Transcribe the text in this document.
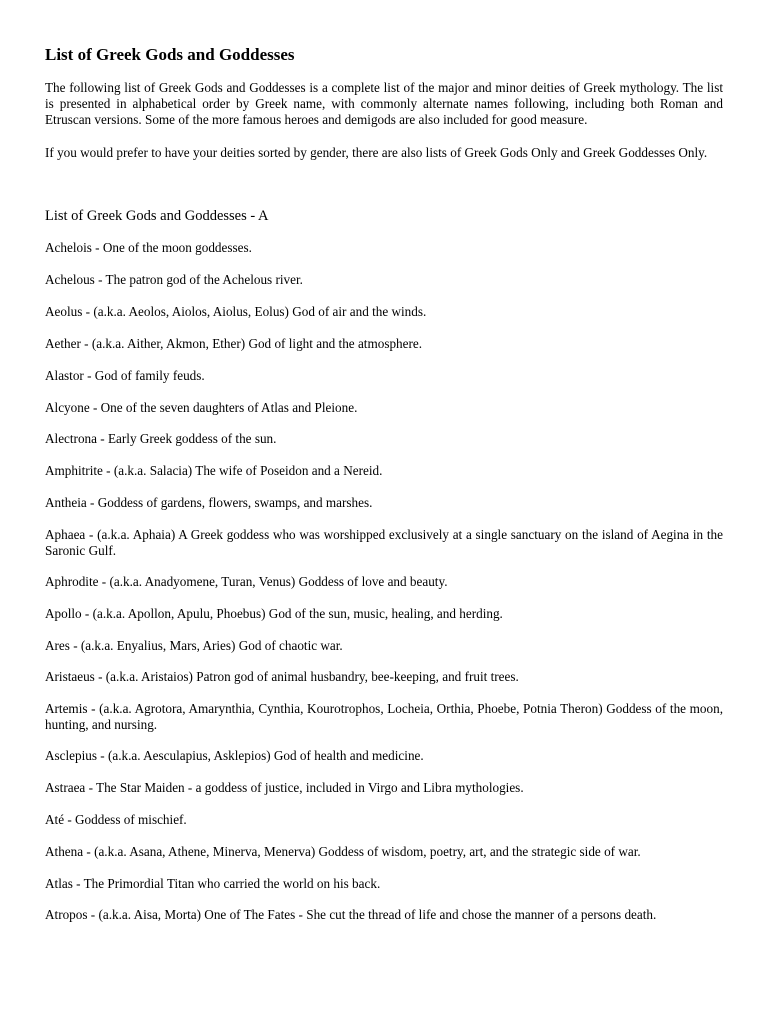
List of Greek Gods and Goddesses

The following list of Greek Gods and Goddesses is a complete list of the major and minor deities of Greek mythology. The list is presented in alphabetical order by Greek name, with commonly alternate names following, including both Roman and Etruscan versions. Some of the more famous heroes and demigods are also included for good measure.

If you would prefer to have your deities sorted by gender, there are also lists of Greek Gods Only and Greek Goddesses Only.

List of Greek Gods and Goddesses - A
Achelois - One of the moon goddesses.
Achelous - The patron god of the Achelous river.
Aeolus - (a.k.a. Aeolos, Aiolos, Aiolus, Eolus) God of air and the winds.
Aether - (a.k.a. Aither, Akmon, Ether) God of light and the atmosphere.
Alastor - God of family feuds.
Alcyone - One of the seven daughters of Atlas and Pleione.
Alectrona - Early Greek goddess of the sun.
Amphitrite - (a.k.a. Salacia) The wife of Poseidon and a Nereid.
Antheia - Goddess of gardens, flowers, swamps, and marshes.
Aphaea - (a.k.a. Aphaia) A Greek goddess who was worshipped exclusively at a single sanctuary on the island of Aegina in the Saronic Gulf.
Aphrodite - (a.k.a. Anadyomene, Turan, Venus) Goddess of love and beauty.
Apollo - (a.k.a. Apollon, Apulu, Phoebus) God of the sun, music, healing, and herding.
Ares - (a.k.a. Enyalius, Mars, Aries) God of chaotic war.
Aristaeus - (a.k.a. Aristaios) Patron god of animal husbandry, bee-keeping, and fruit trees.
Artemis - (a.k.a. Agrotora, Amarynthia, Cynthia, Kourotrophos, Locheia, Orthia, Phoebe, Potnia Theron) Goddess of the moon, hunting, and nursing.
Asclepius - (a.k.a. Aesculapius, Asklepios) God of health and medicine.
Astraea - The Star Maiden - a goddess of justice, included in Virgo and Libra mythologies.
Até - Goddess of mischief.
Athena - (a.k.a. Asana, Athene, Minerva, Menerva) Goddess of wisdom, poetry, art, and the strategic side of war.
Atlas - The Primordial Titan who carried the world on his back.
Atropos - (a.k.a. Aisa, Morta) One of The Fates - She cut the thread of life and chose the manner of a persons death.
